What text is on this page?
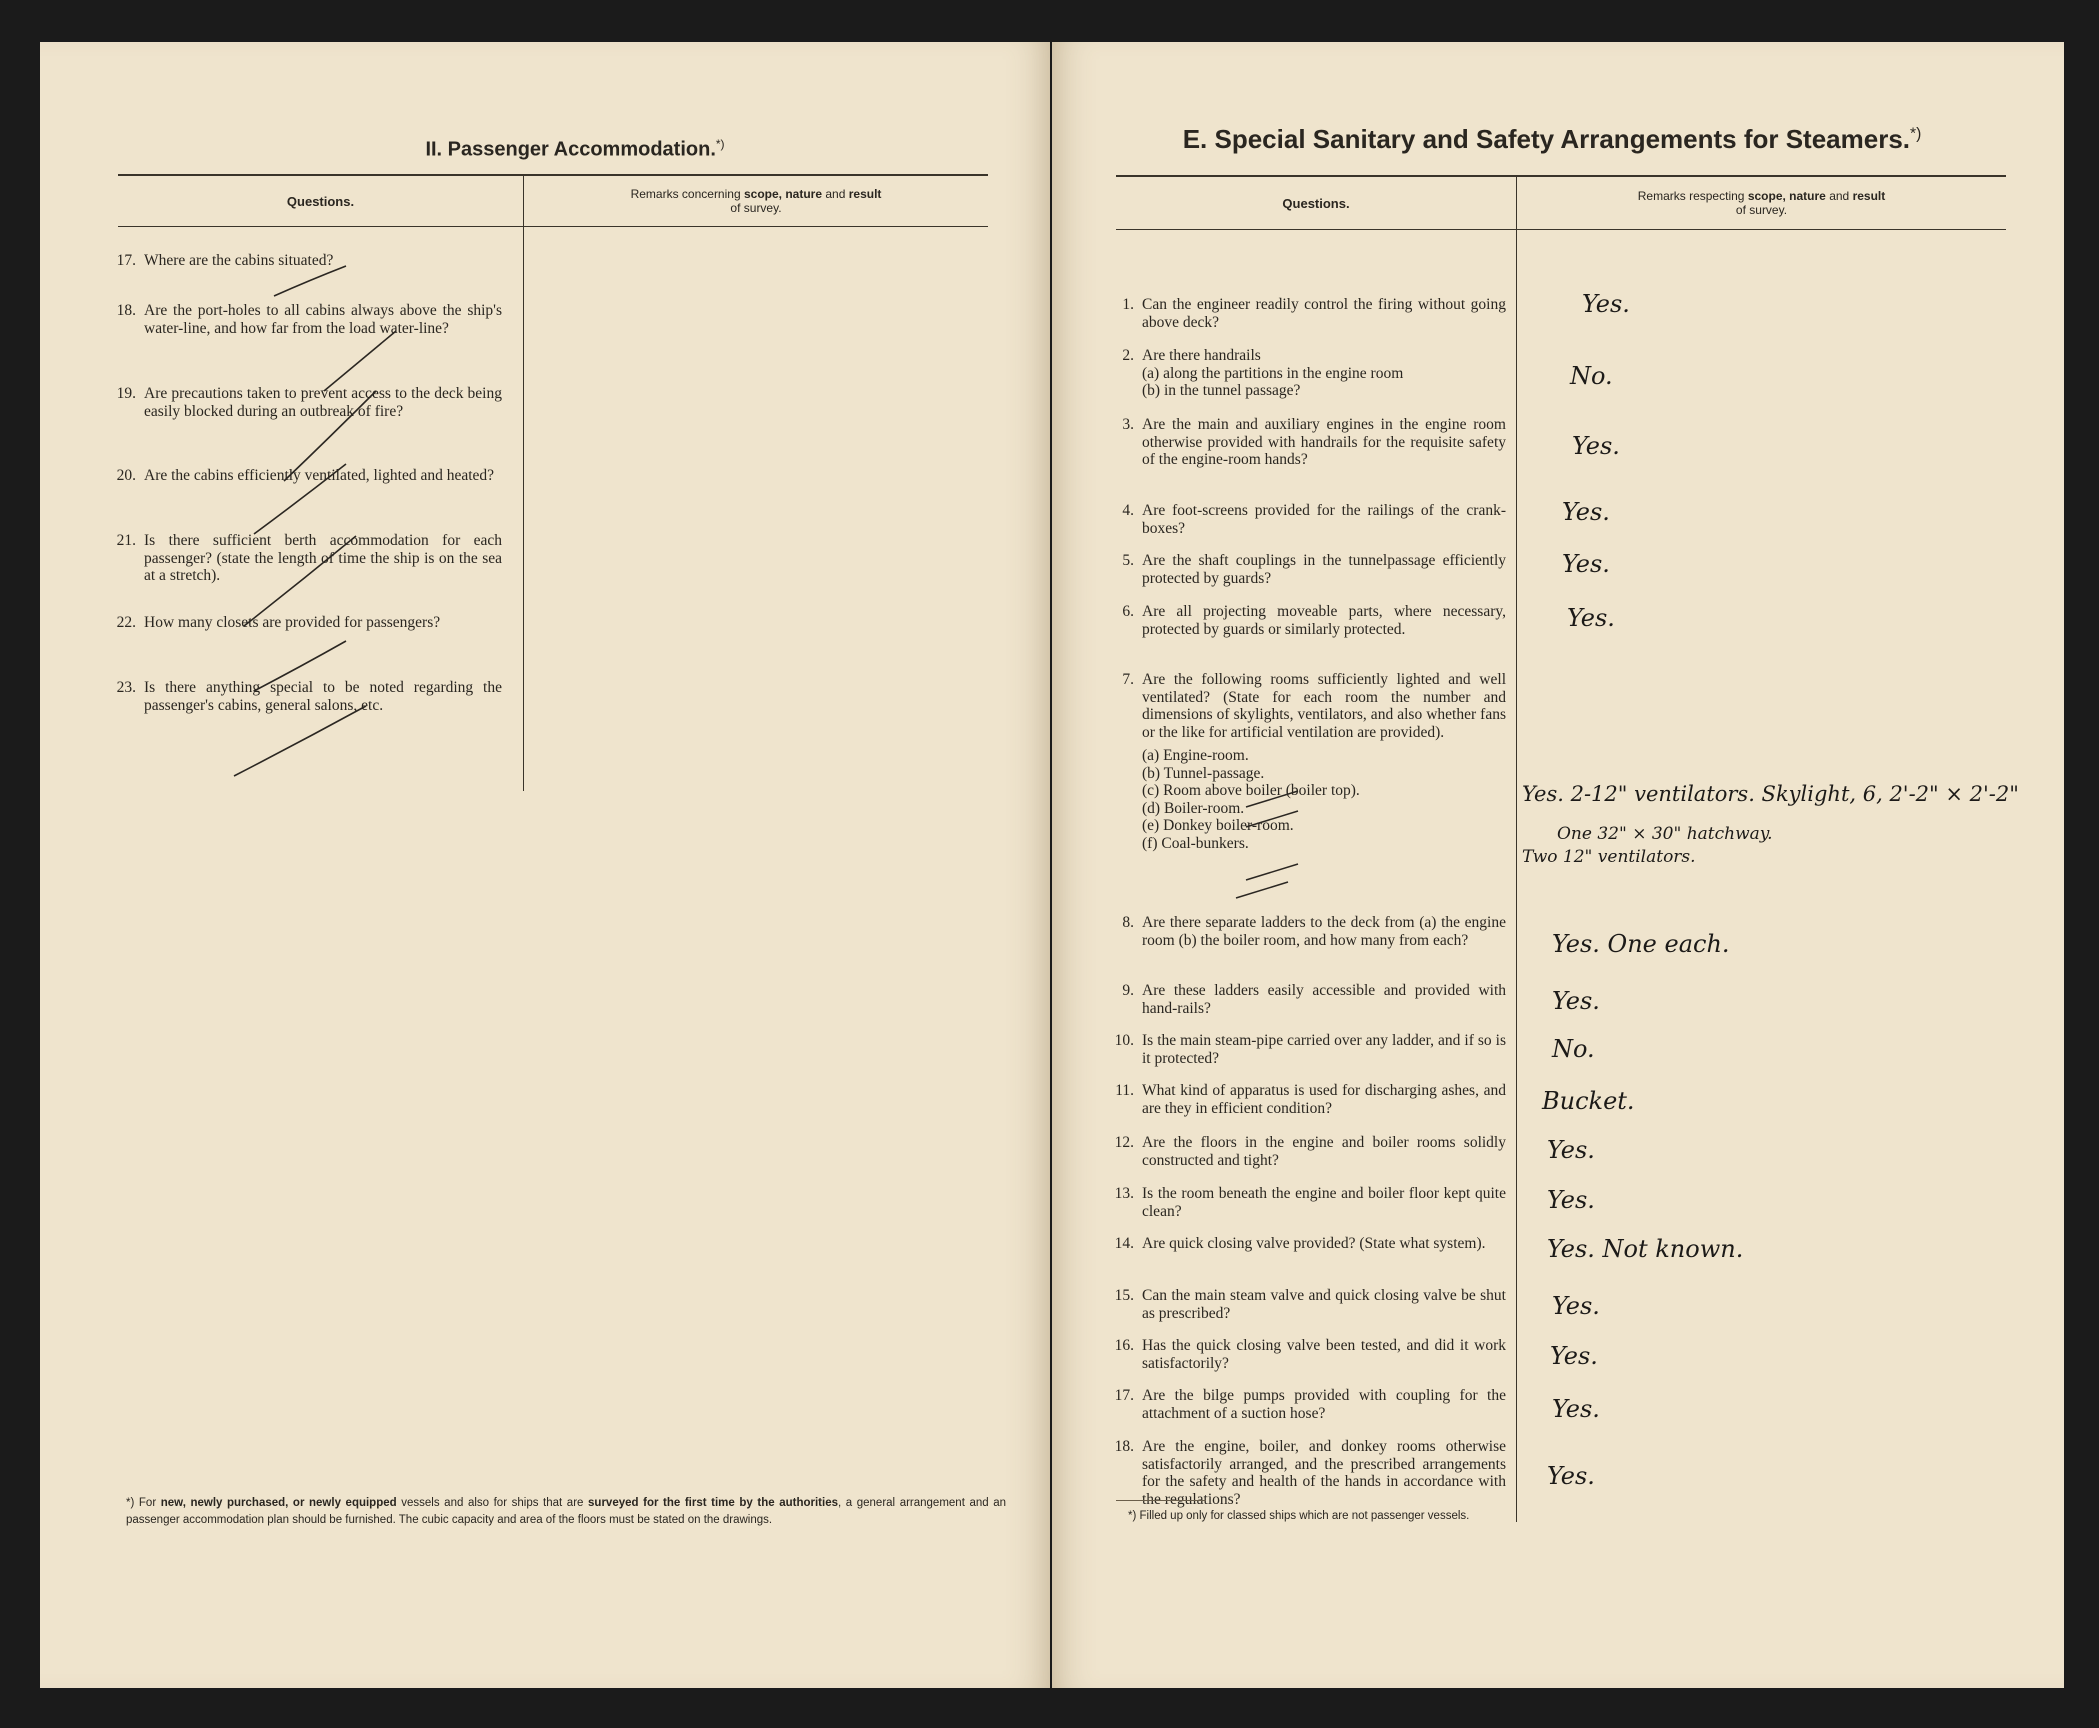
II. Passenger Accommodation.*)
Questions.	Remarks concerning scope, nature and result
of survey.
17. Where are the cabins situated?
18. Are the port-holes to all cabins always above the ship's water-line, and how far from the load water-line?
19. Are precautions taken to prevent access to the deck being easily blocked during an outbreak of fire?
20. Are the cabins efficiently ventilated, lighted and heated?
21. Is there sufficient berth accommodation for each passenger? (state the length of time the ship is on the sea at a stretch).
22. How many closets are provided for passengers?
23. Is there anything special to be noted regarding the passenger's cabins, general salons, etc.
*) For new, newly purchased, or newly equipped vessels and also for ships that are surveyed for the first time by the authorities, a general arrangement and an passenger accommodation plan should be furnished. The cubic capacity and area of the floors must be stated on the drawings.
E. Special Sanitary and Safety Arrangements for Steamers.*)
Questions.	Remarks respecting scope, nature and result
of survey.
1. Can the engineer readily control the firing without going above deck?
2. Are there handrails
(a) along the partitions in the engine room
(b) in the tunnel passage?
3. Are the main and auxiliary engines in the engine room otherwise provided with handrails for the requisite safety of the engine-room hands?
4. Are foot-screens provided for the railings of the crank-boxes?
5. Are the shaft couplings in the tunnelpassage efficiently protected by guards?
6. Are all projecting moveable parts, where necessary, protected by guards or similarly protected.
7. Are the following rooms sufficiently lighted and well ventilated? (State for each room the number and dimensions of skylights, ventilators, and also whether fans or the like for artificial ventilation are provided).
(a) Engine-room.
(b) Tunnel-passage.
(c) Room above boiler (boiler top).
(d) Boiler-room.
(e) Donkey boiler-room.
(f) Coal-bunkers.
8. Are there separate ladders to the deck from (a) the engine room (b) the boiler room, and how many from each?
9. Are these ladders easily accessible and provided with hand-rails?
10. Is the main steam-pipe carried over any ladder, and if so is it protected?
11. What kind of apparatus is used for discharging ashes, and are they in efficient condition?
12. Are the floors in the engine and boiler rooms solidly constructed and tight?
13. Is the room beneath the engine and boiler floor kept quite clean?
14. Are quick closing valve provided? (State what system).
15. Can the main steam valve and quick closing valve be shut as prescribed?
16. Has the quick closing valve been tested, and did it work satisfactorily?
17. Are the bilge pumps provided with coupling for the attachment of a suction hose?
18. Are the engine, boiler, and donkey rooms otherwise satisfactorily arranged, and the prescribed arrangements for the safety and health of the hands in accordance with the regulations?
Yes.
No.
Yes.
Yes.
Yes.
Yes.
Yes. 2-12" ventilators. Skylight, 6, 2'-2" × 2'-2"
One 32" × 30" hatchway.
Two 12" ventilators.
Yes. One each.
Yes.
No.
Bucket.
Yes.
Yes.
Yes. Not known.
Yes.
Yes.
Yes.
Yes.
*) Filled up only for classed ships which are not passenger vessels.
